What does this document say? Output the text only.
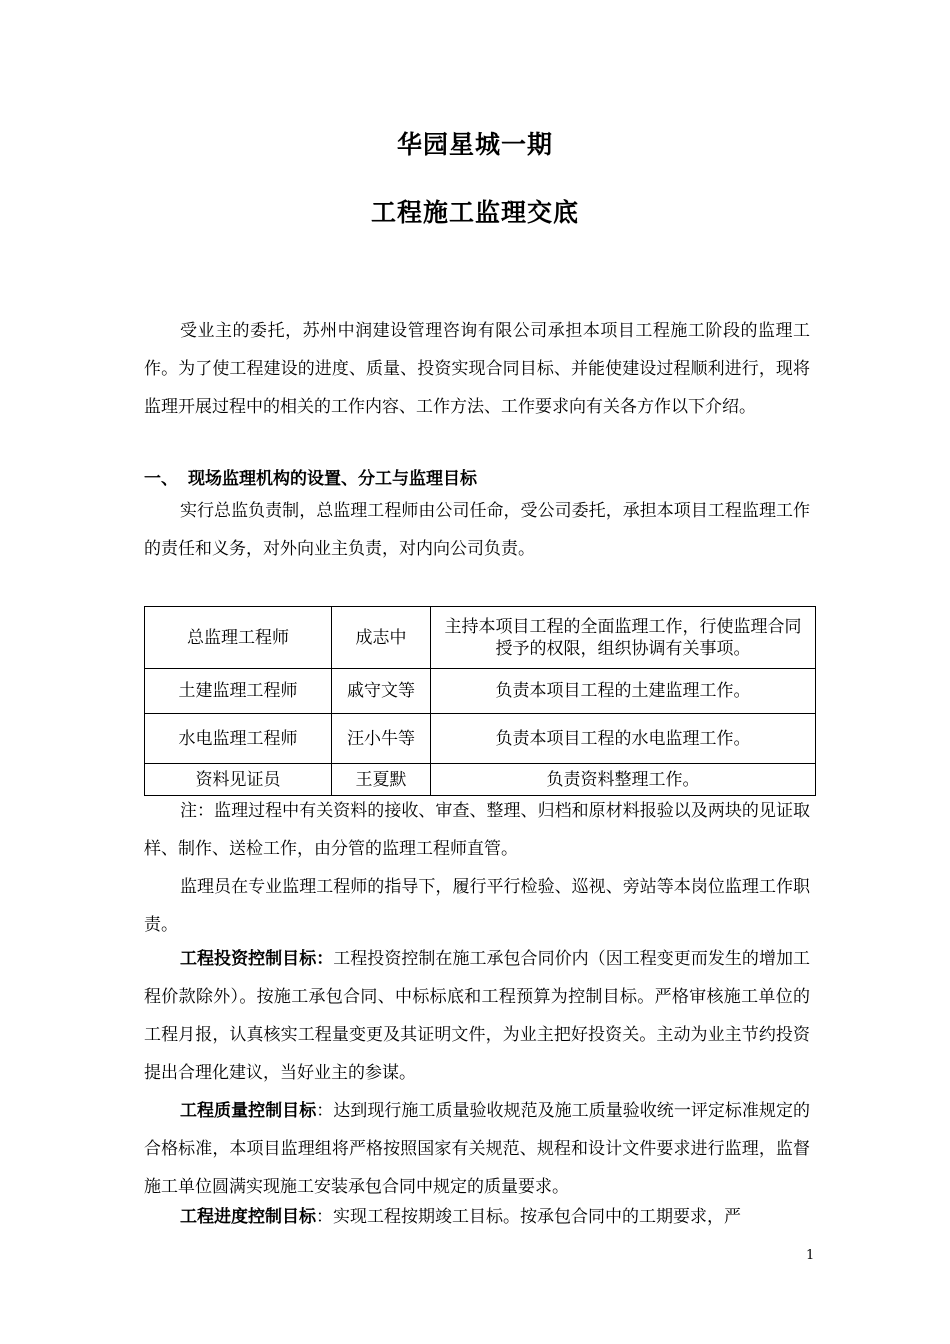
华园星城一期
工程施工监理交底

受业主的委托，苏州中润建设管理咨询有限公司承担本项目工程施工阶段的监理工作。为了使工程建设的进度、质量、投资实现合同目标、并能使建设过程顺利进行，现将监理开展过程中的相关的工作内容、工作方法、工作要求向有关各方作以下介绍。

一、 现场监理机构的设置、分工与监理目标

实行总监负责制，总监理工程师由公司任命，受公司委托，承担本项目工程监理工作的责任和义务，对外向业主负责，对内向公司负责。

总监理工程师	成志中	主持本项目工程的全面监理工作，行使监理合同授予的权限，组织协调有关事项。
土建监理工程师	戚守文等	负责本项目工程的土建监理工作。
水电监理工程师	汪小牛等	负责本项目工程的水电监理工作。
资料见证员	王夏默	负责资料整理工作。

注：监理过程中有关资料的接收、审查、整理、归档和原材料报验以及两块的见证取样、制作、送检工作，由分管的监理工程师直管。

监理员在专业监理工程师的指导下，履行平行检验、巡视、旁站等本岗位监理工作职责。

工程投资控制目标：工程投资控制在施工承包合同价内（因工程变更而发生的增加工程价款除外）。按施工承包合同、中标标底和工程预算为控制目标。严格审核施工单位的工程月报，认真核实工程量变更及其证明文件，为业主把好投资关。主动为业主节约投资提出合理化建议，当好业主的参谋。

工程质量控制目标：达到现行施工质量验收规范及施工质量验收统一评定标准规定的合格标准，本项目监理组将严格按照国家有关规范、规程和设计文件要求进行监理，监督施工单位圆满实现施工安装承包合同中规定的质量要求。

工程进度控制目标：实现工程按期竣工目标。按承包合同中的工期要求，严

1
